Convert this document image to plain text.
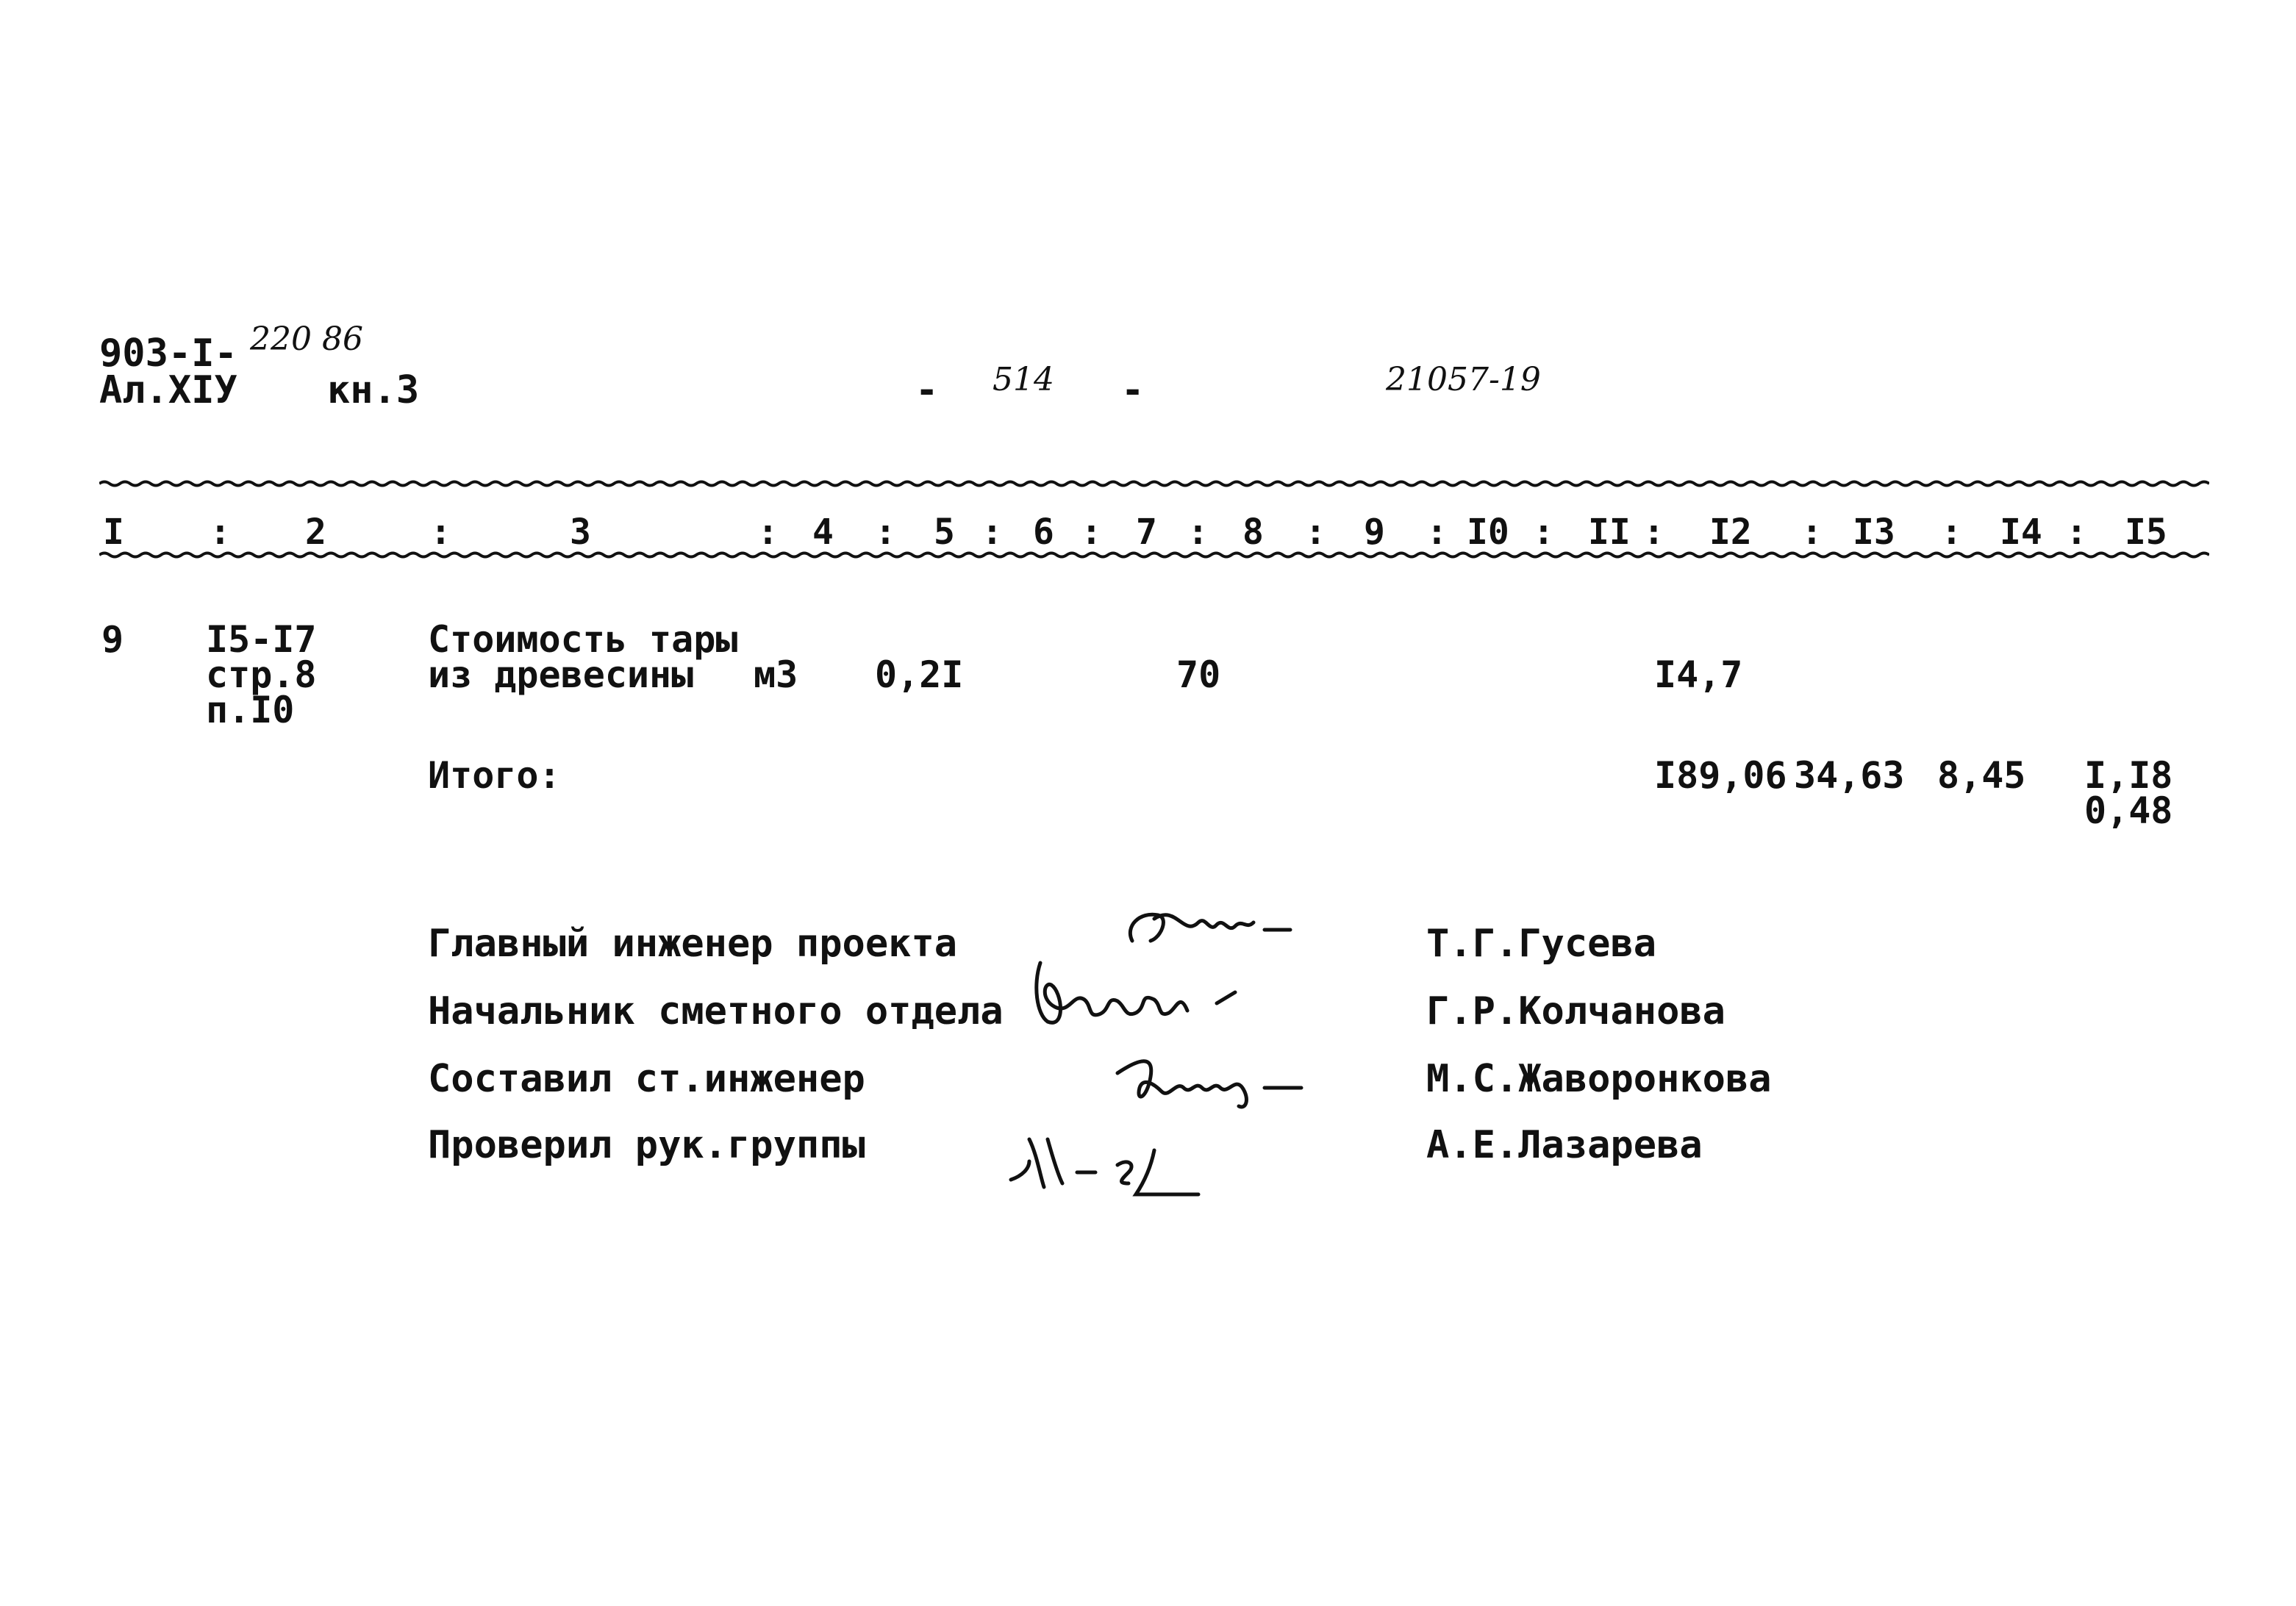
903-I- 220 86
Ал.XIУ кн.3	- 514 -	21057-19
I : 2	:	3	: 4 : 5 : 6 : 7 : 8 : 9 : I0 : II : I2 : I3 : I4 : I5
9 I5-I7
стр.8
п.I0
Стоимость тары
из древесины м3 0,2I	70	I4,7
Итого:	I89,06 34,63 8,45 I,I8
0,48
Главный инженер проекта	Т.Г.Гусева
Начальник сметного отдела	Г.Р.Колчанова
Составил ст.инженер	М.С.Жаворонкова
Проверил рук.группы	А.Е.Лазарева
